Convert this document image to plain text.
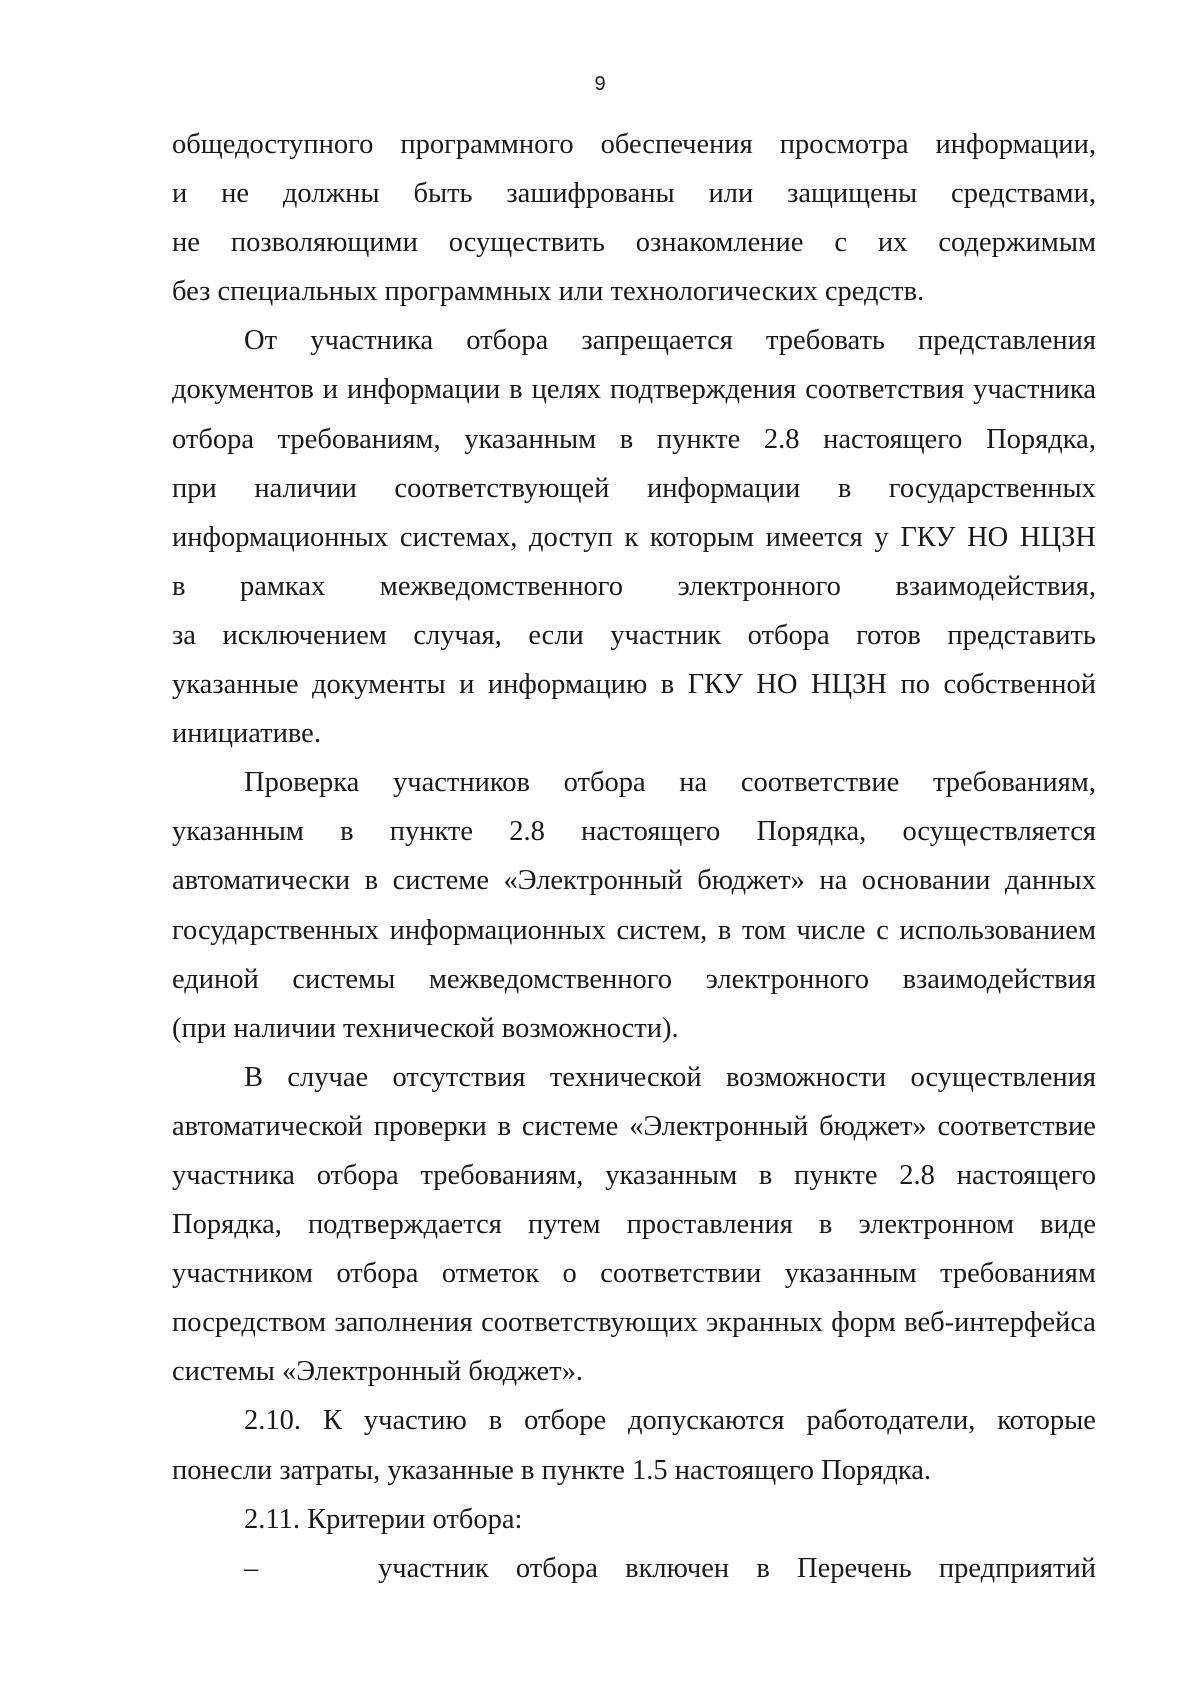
9
общедоступного программного обеспечения просмотра информации,
и не должны быть зашифрованы или защищены средствами,
не позволяющими осуществить ознакомление с их содержимым
без специальных программных или технологических средств.
От участника отбора запрещается требовать представления
документов и информации в целях подтверждения соответствия участника
отбора требованиям, указанным в пункте 2.8 настоящего Порядка,
при наличии соответствующей информации в государственных
информационных системах, доступ к которым имеется у ГКУ НО НЦЗН
в рамках межведомственного электронного взаимодействия,
за исключением случая, если участник отбора готов представить
указанные документы и информацию в ГКУ НО НЦЗН по собственной
инициативе.
Проверка участников отбора на соответствие требованиям,
указанным в пункте 2.8 настоящего Порядка, осуществляется
автоматически в системе «Электронный бюджет» на основании данных
государственных информационных систем, в том числе с использованием
единой системы межведомственного электронного взаимодействия
(при наличии технической возможности).
В случае отсутствия технической возможности осуществления
автоматической проверки в системе «Электронный бюджет» соответствие
участника отбора требованиям, указанным в пункте 2.8 настоящего
Порядка, подтверждается путем проставления в электронном виде
участником отбора отметок о соответствии указанным требованиям
посредством заполнения соответствующих экранных форм веб-интерфейса
системы «Электронный бюджет».
2.10. К участию в отборе допускаются работодатели, которые
понесли затраты, указанные в пункте 1.5 настоящего Порядка.
2.11. Критерии отбора:
–	участник отбора включен в Перечень предприятий
